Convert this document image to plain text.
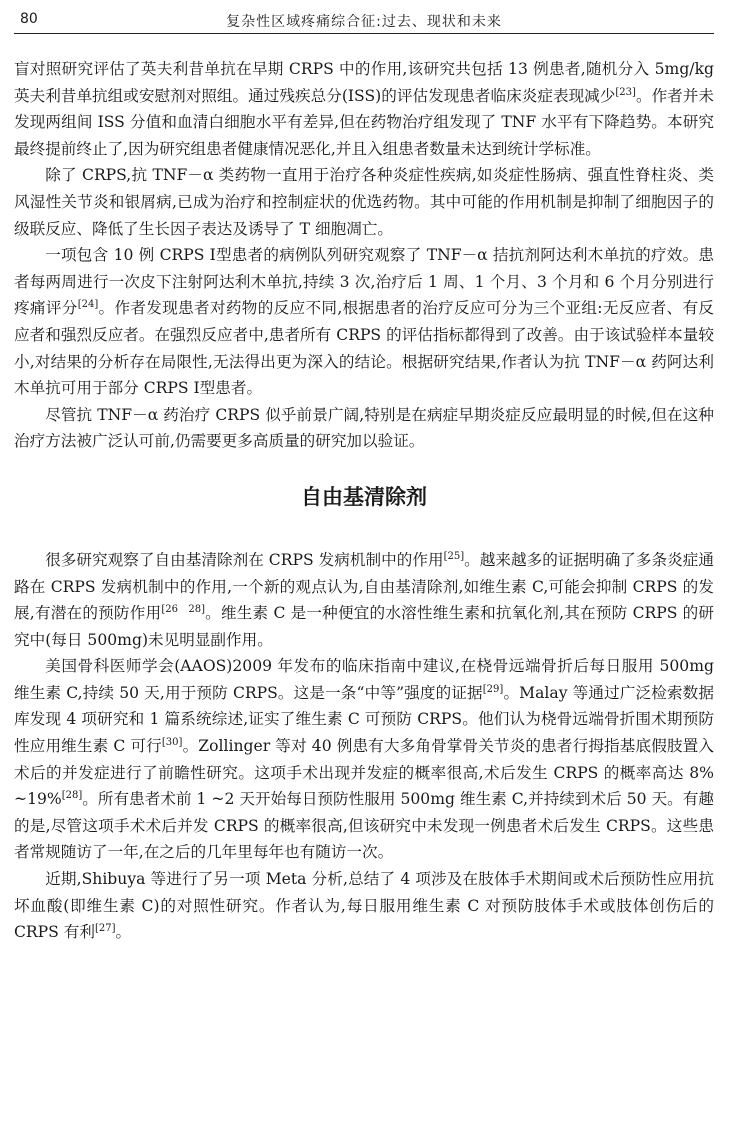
80	复杂性区域疼痛综合征:过去、现状和未来

盲对照研究评估了英夫利昔单抗在早期 CRPS 中的作用,该研究共包括 13 例患者,随机分入 5mg/kg 英夫利昔单抗组或安慰剂对照组。通过残疾总分(ISS)的评估发现患者临床炎症表现减少[23]。作者并未发现两组间 ISS 分值和血清白细胞水平有差异,但在药物治疗组发现了 TNF 水平有下降趋势。本研究最终提前终止了,因为研究组患者健康情况恶化,并且入组患者数量未达到统计学标准。

除了 CRPS,抗 TNF－α 类药物一直用于治疗各种炎症性疾病,如炎症性肠病、强直性脊柱炎、类风湿性关节炎和银屑病,已成为治疗和控制症状的优选药物。其中可能的作用机制是抑制了细胞因子的级联反应、降低了生长因子表达及诱导了 T 细胞凋亡。

一项包含 10 例 CRPS Ⅰ型患者的病例队列研究观察了 TNF－α 拮抗剂阿达利木单抗的疗效。患者每两周进行一次皮下注射阿达利木单抗,持续 3 次,治疗后 1 周、1 个月、3 个月和 6 个月分别进行疼痛评分[24]。作者发现患者对药物的反应不同,根据患者的治疗反应可分为三个亚组:无反应者、有反应者和强烈反应者。在强烈反应者中,患者所有 CRPS 的评估指标都得到了改善。由于该试验样本量较小,对结果的分析存在局限性,无法得出更为深入的结论。根据研究结果,作者认为抗 TNF－α 药阿达利木单抗可用于部分 CRPS Ⅰ型患者。

尽管抗 TNF－α 药治疗 CRPS 似乎前景广阔,特别是在病症早期炎症反应最明显的时候,但在这种治疗方法被广泛认可前,仍需要更多高质量的研究加以验证。

自由基清除剂

很多研究观察了自由基清除剂在 CRPS 发病机制中的作用[25]。越来越多的证据明确了多条炎症通路在 CRPS 发病机制中的作用,一个新的观点认为,自由基清除剂,如维生素 C,可能会抑制 CRPS 的发展,有潜在的预防作用[26　28]。维生素 C 是一种便宜的水溶性维生素和抗氧化剂,其在预防 CRPS 的研究中(每日 500mg)未见明显副作用。

美国骨科医师学会(AAOS)2009 年发布的临床指南中建议,在桡骨远端骨折后每日服用 500mg 维生素 C,持续 50 天,用于预防 CRPS。这是一条“中等”强度的证据[29]。Malay 等通过广泛检索数据库发现 4 项研究和 1 篇系统综述,证实了维生素 C 可预防 CRPS。他们认为桡骨远端骨折围术期预防性应用维生素 C 可行[30]。Zollinger 等对 40 例患有大多角骨掌骨关节炎的患者行拇指基底假肢置入术后的并发症进行了前瞻性研究。这项手术出现并发症的概率很高,术后发生 CRPS 的概率高达 8% ~19%[28]。所有患者术前 1 ~2 天开始每日预防性服用 500mg 维生素 C,并持续到术后 50 天。有趣的是,尽管这项手术术后并发 CRPS 的概率很高,但该研究中未发现一例患者术后发生 CRPS。这些患者常规随访了一年,在之后的几年里每年也有随访一次。

近期,Shibuya 等进行了另一项 Meta 分析,总结了 4 项涉及在肢体手术期间或术后预防性应用抗坏血酸(即维生素 C)的对照性研究。作者认为,每日服用维生素 C 对预防肢体手术或肢体创伤后的 CRPS 有利[27]。
